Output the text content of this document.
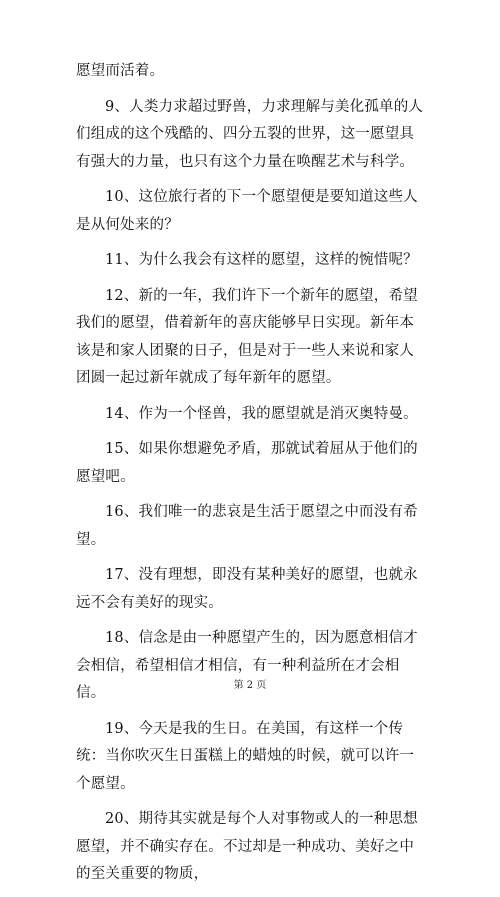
愿望而活着。

9、人类力求超过野兽，力求理解与美化孤单的人们组成的这个残酷的、四分五裂的世界，这一愿望具有强大的力量，也只有这个力量在唤醒艺术与科学。

10、这位旅行者的下一个愿望便是要知道这些人是从何处来的？

11、为什么我会有这样的愿望，这样的惋惜呢？

12、新的一年，我们许下一个新年的愿望，希望我们的愿望，借着新年的喜庆能够早日实现。新年本该是和家人团聚的日子，但是对于一些人来说和家人团圆一起过新年就成了每年新年的愿望。

14、作为一个怪兽，我的愿望就是消灭奥特曼。

15、如果你想避免矛盾，那就试着屈从于他们的愿望吧。

16、我们唯一的悲哀是生活于愿望之中而没有希望。

17、没有理想，即没有某种美好的愿望，也就永远不会有美好的现实。

18、信念是由一种愿望产生的，因为愿意相信才会相信，希望相信才相信，有一种利益所在才会相信。

19、今天是我的生日。在美国，有这样一个传统：当你吹灭生日蛋糕上的蜡烛的时候，就可以许一个愿望。

20、期待其实就是每个人对事物或人的一种思想愿望，并不确实存在。不过却是一种成功、美好之中的至关重要的物质，

第 2 页
